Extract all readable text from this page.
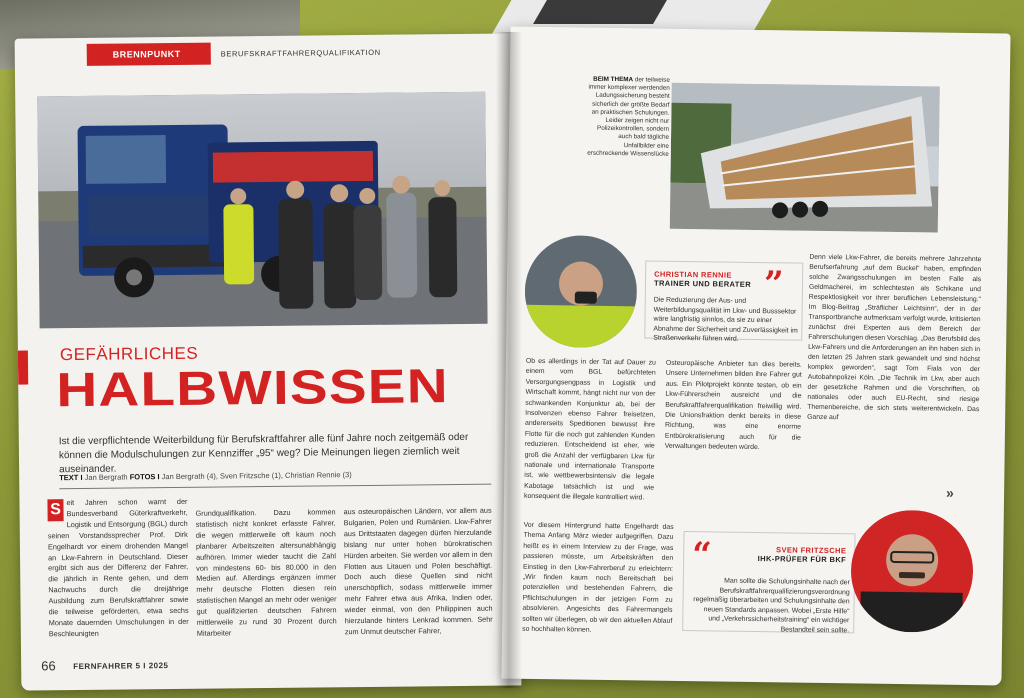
BRENNPUNKT	BERUFSKRAFTFAHRERQUALIFIKATION
GEFÄHRLICHES
HALBWISSEN
Ist die verpflichtende Weiterbildung für Berufskraftfahrer alle fünf Jahre noch zeitgemäß oder können die Modulschulungen zur Kennziffer „95“ weg? Die Meinungen liegen ziemlich weit auseinander.
TEXT I Jan Bergrath FOTOS I Jan Bergrath (4), Sven Fritzsche (1), Christian Rennie (3)
S eit Jahren schon warnt der Bundesverband Güterkraftverkehr, Logistik und Entsorgung (BGL) durch seinen Vorstandssprecher Prof. Dirk Engelhardt vor einem drohenden Mangel an Lkw-Fahrern in Deutschland. Dieser ergibt sich aus der Differenz der Fahrer, die jährlich in Rente gehen, und dem Nachwuchs durch die dreijährige Ausbildung zum Berufskraftfahrer sowie die teilweise geförderten, etwa sechs Monate dauernden Umschulungen in der Beschleunigten
Grundqualifikation. Dazu kommen statistisch nicht konkret erfasste Fahrer, die wegen mittlerweile oft kaum noch planbarer Arbeitszeiten altersunabhängig aufhören. Immer wieder taucht die Zahl von mindestens 60- bis 80.000 in den Medien auf. Allerdings ergänzen immer mehr deutsche Flotten diesen rein statistischen Mangel an mehr oder weniger gut qualifizierten deutschen Fahrern mittlerweile zu rund 30 Prozent durch Mitarbeiter
aus osteuropäischen Ländern, vor allem aus Bulgarien, Polen und Rumänien. Lkw-Fahrer aus Drittstaaten dagegen dürfen hierzulande bislang nur unter hohen bürokratischen Hürden arbeiten. Sie werden vor allem in den Flotten aus Litauen und Polen beschäftigt. Doch auch diese Quellen sind nicht unerschöpflich, sodass mittlerweile immer mehr Fahrer etwa aus Afrika, Indien oder, wieder einmal, von den Philippinen auch hierzulande hinters Lenkrad kommen. Sehr zum Unmut deutscher Fahrer,
66 FERNFAHRER 5 I 2025
BEIM THEMA der teilweise immer komplexer werdenden Ladungssicherung besteht sicherlich der größte Bedarf an praktischen Schulungen. Leider zeigen nicht nur Polizeikontrollen, sondern auch bald tägliche Unfallbilder eine erschreckende Wissenslücke
CHRISTIAN RENNIE
TRAINER UND BERATER ”
Die Reduzierung der Aus- und Weiterbildungsqualität im Lkw- und Busssektor wäre langfristig sinnlos, da sie zu einer Abnahme der Sicherheit und Zuverlässigkeit im Straßenverkehr führen wird.
Denn viele Lkw-Fahrer, die bereits mehrere Jahrzehnte Berufserfahrung „auf dem Buckel“ haben, empfinden solche Zwangsschulungen im besten Falle als Geldmacherei, im schlechtesten als Schikane und Respektlosigkeit vor ihrer beruflichen Lebensleistung.“ Im Blog-Beitrag „Sträflicher Leichtsinn“, der in der Transportbranche aufmerksam verfolgt wurde, kritisierten zunächst drei Experten aus dem Bereich der Fahrerschulungen diesen Vorschlag. „Das Berufsbild des Lkw-Fahrers und die Anforderungen an ihn haben sich in den letzten 25 Jahren stark gewandelt und sind höchst komplex geworden“, sagt Tom Fiala von der Autobahnpolizei Köln. „Die Technik im Lkw, aber auch der gesetzliche Rahmen und die Vorschriften, ob nationales oder auch EU-Recht, sind riesige Themenbereiche, die sich stets weiterentwickeln. Das Ganze auf
Ob es allerdings in der Tat auf Dauer zu einem vom BGL befürchteten Versorgungsengpass in Logistik und Wirtschaft kommt, hängt nicht nur von der schwankenden Konjunktur ab, bei der Insolvenzen ebenso Fahrer freisetzen, andererseits Speditionen bewusst ihre Flotte für die noch gut zahlenden Kunden reduzieren. Entscheidend ist eher, wie groß die Anzahl der verfügbaren Lkw für nationale und internationale Transporte ist, wie wettbewerbsintensiv die legale Kabotage tatsächlich ist und wie konsequent die illegale kontrolliert wird.
Osteuropäische Anbieter tun dies bereits. Unsere Unternehmen bilden ihre Fahrer gut aus. Ein Pilotprojekt könnte testen, ob ein Lkw-Führerschein ausreicht und die Berufskraftfahrerqualifikation freiwillig wird. Die Unionsfraktion denkt bereits in diese Richtung, was eine enorme Entbürokratisierung auch für die Verwaltungen bedeuten würde.
»
Vor diesem Hintergrund hatte Engelhardt das Thema Anfang März wieder aufgegriffen. Dazu heißt es in einem Interview zu der Frage, was passieren müsste, um Arbeitskräften den Einstieg in den Lkw-Fahrerberuf zu erleichtern: „Wir finden kaum noch Bereitschaft bei potenziellen und bestehenden Fahrern, die Pflichtschulungen in der jetzigen Form zu absolvieren. Angesichts des Fahrermangels sollten wir überlegen, ob wir den aktuellen Ablauf so hochhalten können.
“	SVEN FRITZSCHE
IHK-PRÜFER FÜR BKF
Man sollte die Schulungsinhalte nach der Berufskraftfahrerqualifizierungsverordnung regelmäßig überarbeiten und Schulungsinhalte den neuen Standards anpassen. Wobei „Erste Hilfe“ und „Verkehrssicherheitstraining“ ein wichtiger Bestandteil sein sollte.
